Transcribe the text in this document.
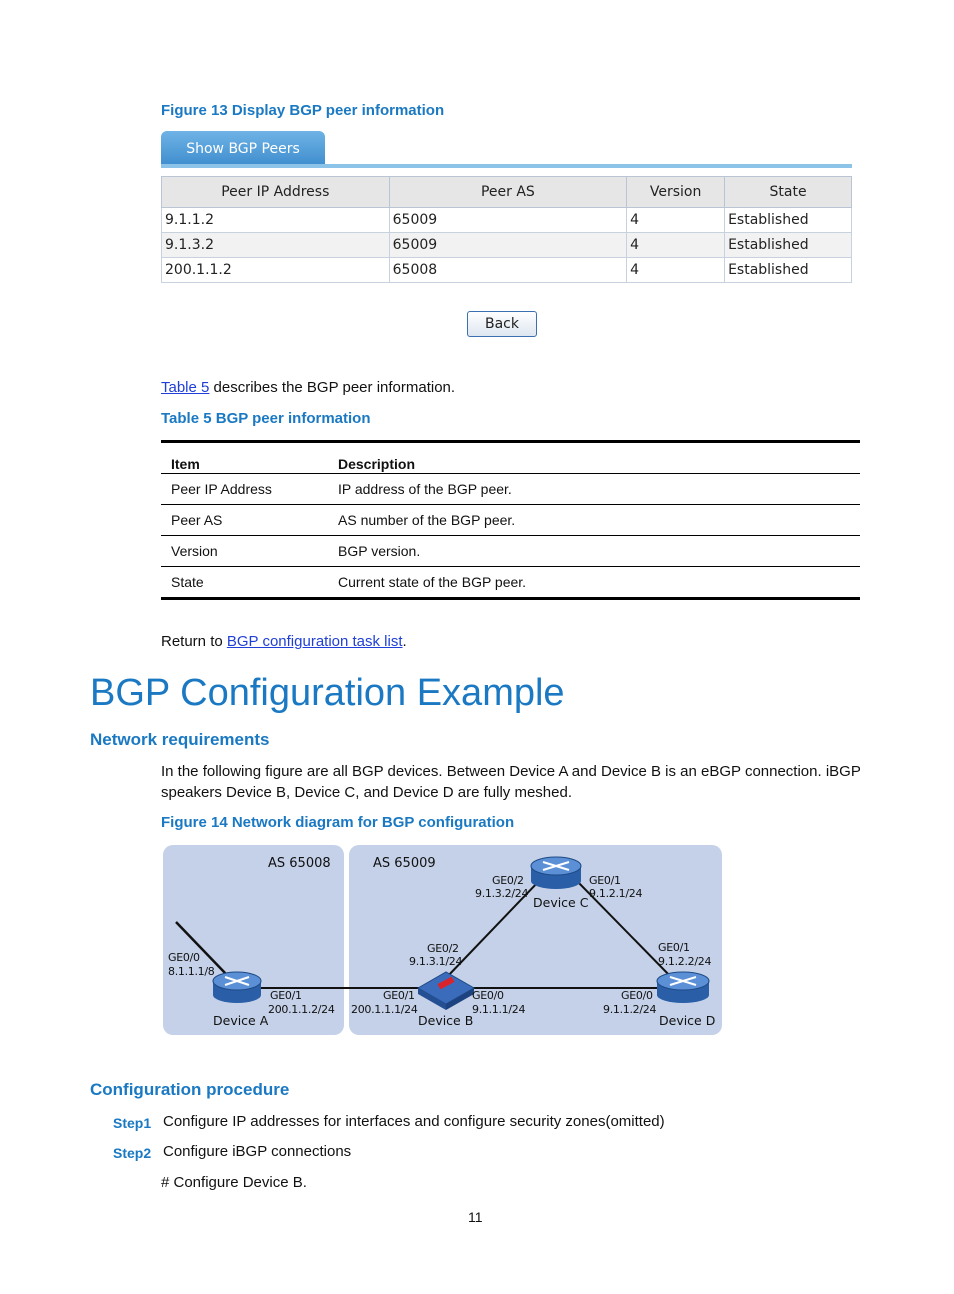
Figure 13 Display BGP peer information
Show BGP Peers
Peer IP Address	Peer AS	Version	State
9.1.1.2	65009	4	Established
9.1.3.2	65009	4	Established
200.1.1.2	65008	4	Established
Back
Table 5 describes the BGP peer information.
Table 5 BGP peer information
Item	Description
Peer IP Address	IP address of the BGP peer.
Peer AS	AS number of the BGP peer.
Version	BGP version.
State	Current state of the BGP peer.
Return to BGP configuration task list.
BGP Configuration Example
Network requirements
In the following figure are all BGP devices. Between Device A and Device B is an eBGP connection. iBGP speakers Device B, Device C, and Device D are fully meshed.
Figure 14 Network diagram for BGP configuration
AS 65008	AS 65009
GE0/0
8.1.1.1/8
GE0/1
200.1.1.2/24
GE0/1
200.1.1.1/24
GE0/2
9.1.3.1/24
GE0/0
9.1.1.1/24
GE0/2
9.1.3.2/24
GE0/1
9.1.2.1/24
GE0/1
9.1.2.2/24
GE0/0
9.1.1.2/24
Device A	Device B
Device C
Device D
Configuration procedure
Step1 Configure IP addresses for interfaces and configure security zones(omitted)
Step2 Configure iBGP connections
# Configure Device B.
11
